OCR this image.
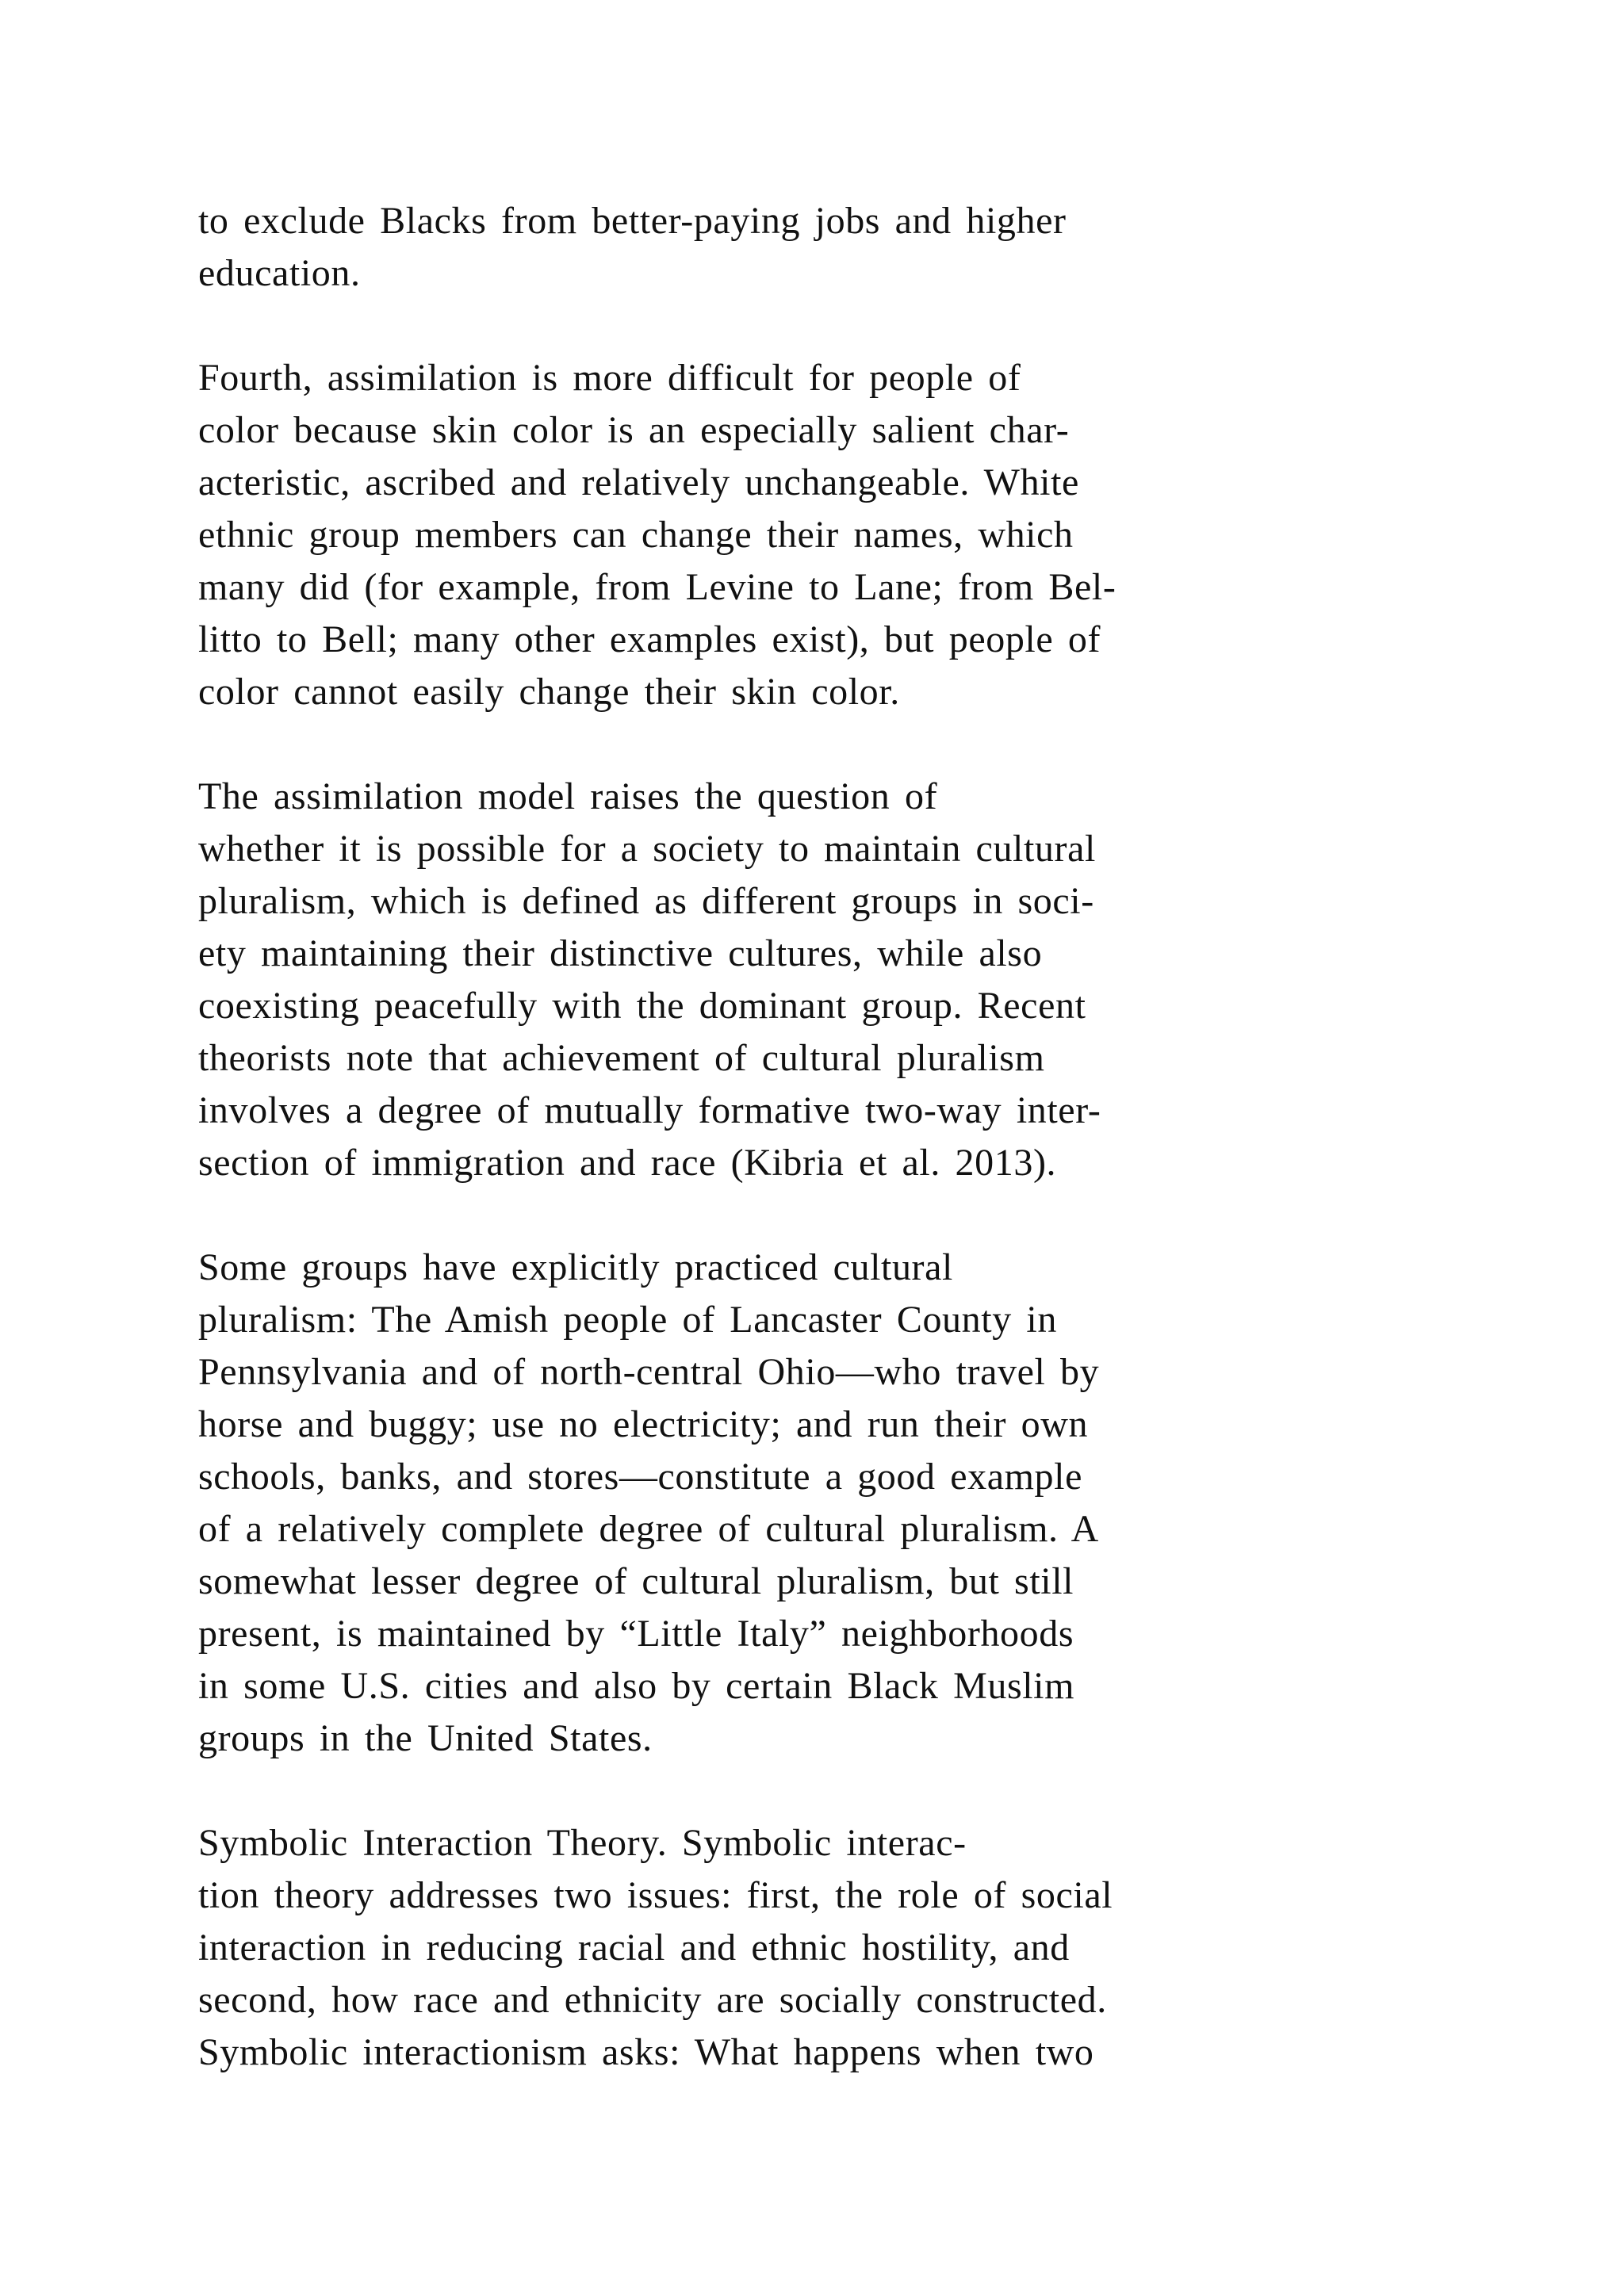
to exclude Blacks from better-paying jobs and higher
education.
Fourth, assimilation is more difficult for people of
color because skin color is an especially salient char-
acteristic, ascribed and relatively unchangeable. White
ethnic group members can change their names, which
many did (for example, from Levine to Lane; from Bel-
litto to Bell; many other examples exist), but people of
color cannot easily change their skin color.
The assimilation model raises the question of
whether it is possible for a society to maintain cultural
pluralism, which is defined as different groups in soci-
ety maintaining their distinctive cultures, while also
coexisting peacefully with the dominant group. Recent
theorists note that achievement of cultural pluralism
involves a degree of mutually formative two-way inter-
section of immigration and race (Kibria et al. 2013).
Some groups have explicitly practiced cultural
pluralism: The Amish people of Lancaster County in
Pennsylvania and of north-central Ohio—who travel by
horse and buggy; use no electricity; and run their own
schools, banks, and stores—constitute a good example
of a relatively complete degree of cultural pluralism. A
somewhat lesser degree of cultural pluralism, but still
present, is maintained by “Little Italy” neighborhoods
in some U.S. cities and also by certain Black Muslim
groups in the United States.
Symbolic Interaction Theory. Symbolic interac-
tion theory addresses two issues: first, the role of social
interaction in reducing racial and ethnic hostility, and
second, how race and ethnicity are socially constructed.
Symbolic interactionism asks: What happens when two
